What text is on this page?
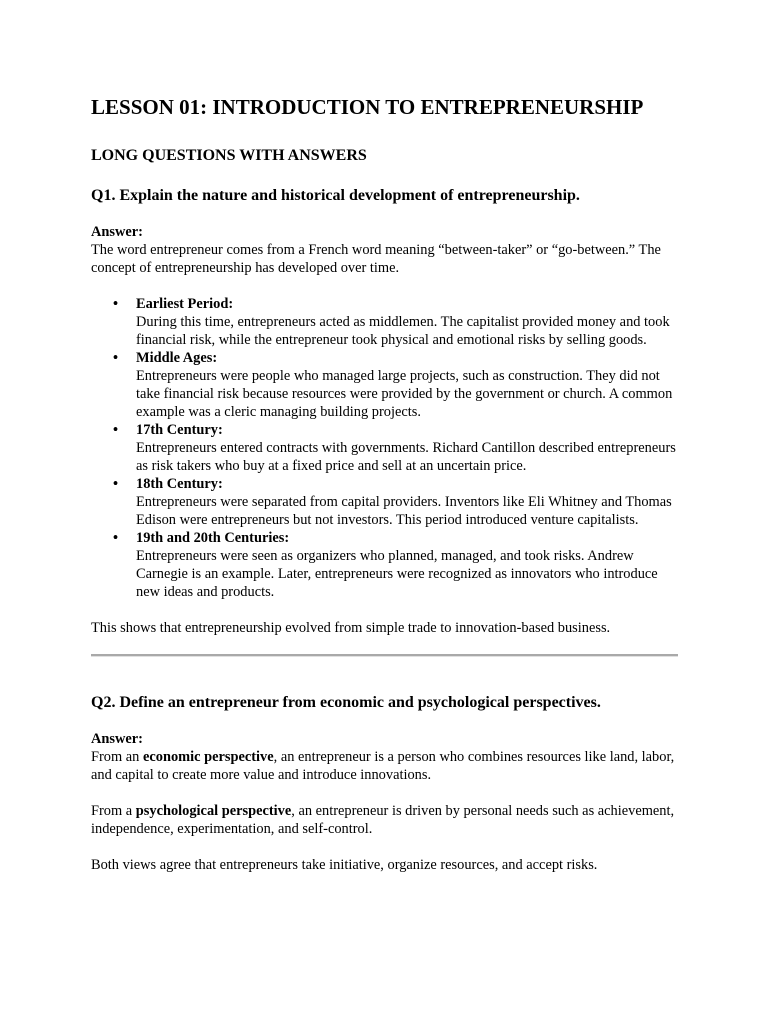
LESSON 01: INTRODUCTION TO ENTREPRENEURSHIP
LONG QUESTIONS WITH ANSWERS
Q1. Explain the nature and historical development of entrepreneurship.

Answer:
The word entrepreneur comes from a French word meaning “between-taker” or “go-between.” The concept of entrepreneurship has developed over time.

• Earliest Period:
During this time, entrepreneurs acted as middlemen. The capitalist provided money and took financial risk, while the entrepreneur took physical and emotional risks by selling goods.
• Middle Ages:
Entrepreneurs were people who managed large projects, such as construction. They did not take financial risk because resources were provided by the government or church. A common example was a cleric managing building projects.
• 17th Century:
Entrepreneurs entered contracts with governments. Richard Cantillon described entrepreneurs as risk takers who buy at a fixed price and sell at an uncertain price.
• 18th Century:
Entrepreneurs were separated from capital providers. Inventors like Eli Whitney and Thomas Edison were entrepreneurs but not investors. This period introduced venture capitalists.
• 19th and 20th Centuries:
Entrepreneurs were seen as organizers who planned, managed, and took risks. Andrew Carnegie is an example. Later, entrepreneurs were recognized as innovators who introduce new ideas and products.

This shows that entrepreneurship evolved from simple trade to innovation-based business.

Q2. Define an entrepreneur from economic and psychological perspectives.

Answer:
From an economic perspective, an entrepreneur is a person who combines resources like land, labor, and capital to create more value and introduce innovations.

From a psychological perspective, an entrepreneur is driven by personal needs such as achievement, independence, experimentation, and self-control.

Both views agree that entrepreneurs take initiative, organize resources, and accept risks.
